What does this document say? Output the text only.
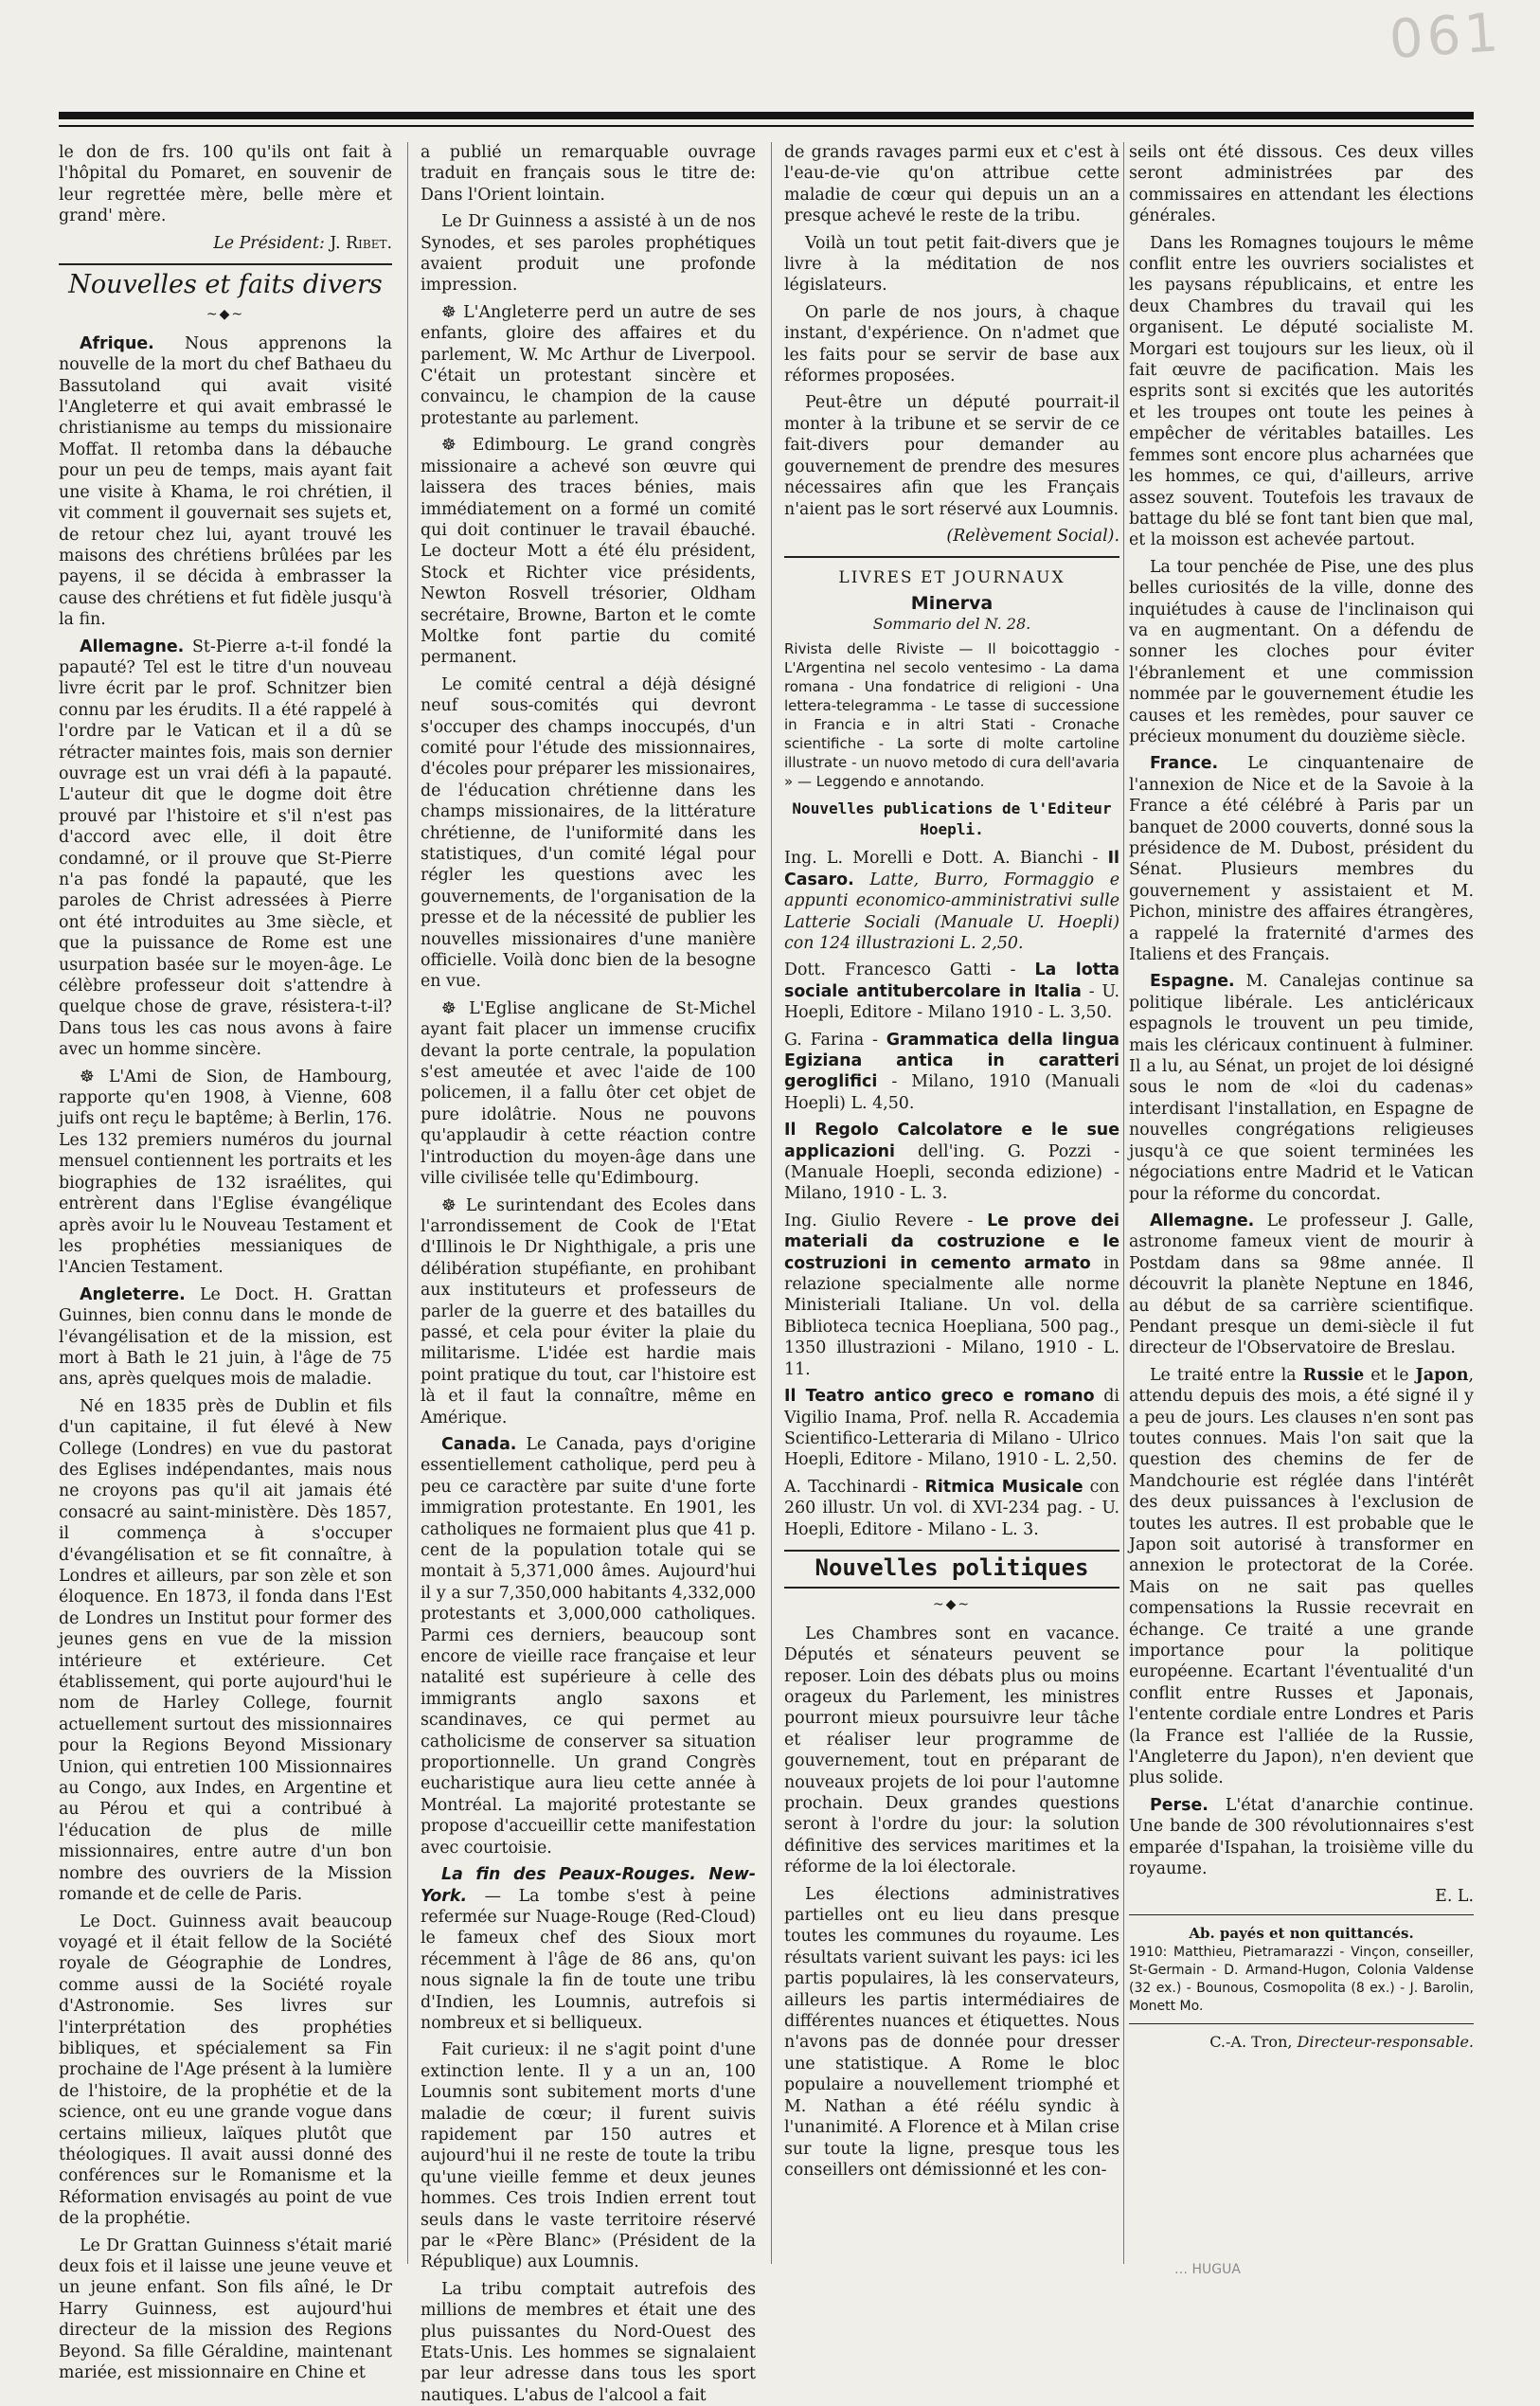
061

le don de frs. 100 qu'ils ont fait à l'hôpital du Pomaret, en souvenir de leur regrettée mère, belle mère et grand' mère.

Le Président: J. Ribet.

Nouvelles et faits divers
~◆~

Afrique. Nous apprenons la nouvelle de la mort du chef Bathaeu du Bassutoland qui avait visité l'Angleterre et qui avait embrassé le christianisme au temps du missionaire Moffat. Il retomba dans la débauche pour un peu de temps, mais ayant fait une visite à Khama, le roi chrétien, il vit comment il gouvernait ses sujets et, de retour chez lui, ayant trouvé les maisons des chrétiens brûlées par les payens, il se décida à embrasser la cause des chrétiens et fut fidèle jusqu'à la fin.

Allemagne. St-Pierre a-t-il fondé la papauté? Tel est le titre d'un nouveau livre écrit par le prof. Schnitzer bien connu par les érudits. Il a été rappelé à l'ordre par le Vatican et il a dû se rétracter maintes fois, mais son dernier ouvrage est un vrai défi à la papauté. L'auteur dit que le dogme doit être prouvé par l'histoire et s'il n'est pas d'accord avec elle, il doit être condamné, or il prouve que St-Pierre n'a pas fondé la papauté, que les paroles de Christ adressées à Pierre ont été introduites au 3me siècle, et que la puissance de Rome est une usurpation basée sur le moyen-âge. Le célèbre professeur doit s'attendre à quelque chose de grave, résistera-t-il? Dans tous les cas nous avons à faire avec un homme sincère.

☸ L'Ami de Sion, de Hambourg, rapporte qu'en 1908, à Vienne, 608 juifs ont reçu le baptême; à Berlin, 176. Les 132 premiers numéros du journal mensuel contiennent les portraits et les biographies de 132 israélites, qui entrèrent dans l'Eglise évangélique après avoir lu le Nouveau Testament et les prophéties messianiques de l'Ancien Testament.

Angleterre. Le Doct. H. Grattan Guinnes, bien connu dans le monde de l'évangélisation et de la mission, est mort à Bath le 21 juin, à l'âge de 75 ans, après quelques mois de maladie.

Né en 1835 près de Dublin et fils d'un capitaine, il fut élevé à New College (Londres) en vue du pastorat des Eglises indépendantes, mais nous ne croyons pas qu'il ait jamais été consacré au saint-ministère. Dès 1857, il commença à s'occuper d'évangélisation et se fit connaître, à Londres et ailleurs, par son zèle et son éloquence. En 1873, il fonda dans l'Est de Londres un Institut pour former des jeunes gens en vue de la mission intérieure et extérieure. Cet établissement, qui porte aujourd'hui le nom de Harley College, fournit actuellement surtout des missionnaires pour la Regions Beyond Missionary Union, qui entretien 100 Missionnaires au Congo, aux Indes, en Argentine et au Pérou et qui a contribué à l'éducation de plus de mille missionnaires, entre autre d'un bon nombre des ouvriers de la Mission romande et de celle de Paris.

Le Doct. Guinness avait beaucoup voyagé et il était fellow de la Société royale de Géographie de Londres, comme aussi de la Société royale d'Astronomie. Ses livres sur l'interprétation des prophéties bibliques, et spécialement sa Fin prochaine de l'Age présent à la lumière de l'histoire, de la prophétie et de la science, ont eu une grande vogue dans certains milieux, laïques plutôt que théologiques. Il avait aussi donné des conférences sur le Romanisme et la Réformation envisagés au point de vue de la prophétie.

Le Dr Grattan Guinness s'était marié deux fois et il laisse une jeune veuve et un jeune enfant. Son fils aîné, le Dr Harry Guinness, est aujourd'hui directeur de la mission des Regions Beyond. Sa fille Géraldine, maintenant mariée, est missionnaire en Chine et

a publié un remarquable ouvrage traduit en français sous le titre de: Dans l'Orient lointain.

Le Dr Guinness a assisté à un de nos Synodes, et ses paroles prophétiques avaient produit une profonde impression.

☸ L'Angleterre perd un autre de ses enfants, gloire des affaires et du parlement, W. Mc Arthur de Liverpool. C'était un protestant sincère et convaincu, le champion de la cause protestante au parlement.

☸ Edimbourg. Le grand congrès missionaire a achevé son œuvre qui laissera des traces bénies, mais immédiatement on a formé un comité qui doit continuer le travail ébauché. Le docteur Mott a été élu président, Stock et Richter vice présidents, Newton Rosvell trésorier, Oldham secrétaire, Browne, Barton et le comte Moltke font partie du comité permanent.

Le comité central a déjà désigné neuf sous-comités qui devront s'occuper des champs inoccupés, d'un comité pour l'étude des missionnaires, d'écoles pour préparer les missionaires, de l'éducation chrétienne dans les champs missionaires, de la littérature chrétienne, de l'uniformité dans les statistiques, d'un comité légal pour régler les questions avec les gouvernements, de l'organisation de la presse et de la nécessité de publier les nouvelles missionaires d'une manière officielle. Voilà donc bien de la besogne en vue.

☸ L'Eglise anglicane de St-Michel ayant fait placer un immense crucifix devant la porte centrale, la population s'est ameutée et avec l'aide de 100 policemen, il a fallu ôter cet objet de pure idolâtrie. Nous ne pouvons qu'applaudir à cette réaction contre l'introduction du moyen-âge dans une ville civilisée telle qu'Edimbourg.

☸ Le surintendant des Ecoles dans l'arrondissement de Cook de l'Etat d'Illinois le Dr Nighthigale, a pris une délibération stupéfiante, en prohibant aux instituteurs et professeurs de parler de la guerre et des batailles du passé, et cela pour éviter la plaie du militarisme. L'idée est hardie mais point pratique du tout, car l'histoire est là et il faut la connaître, même en Amérique.

Canada. Le Canada, pays d'origine essentiellement catholique, perd peu à peu ce caractère par suite d'une forte immigration protestante. En 1901, les catholiques ne formaient plus que 41 p. cent de la population totale qui se montait à 5,371,000 âmes. Aujourd'hui il y a sur 7,350,000 habitants 4,332,000 protestants et 3,000,000 catholiques. Parmi ces derniers, beaucoup sont encore de vieille race française et leur natalité est supérieure à celle des immigrants anglo saxons et scandinaves, ce qui permet au catholicisme de conserver sa situation proportionnelle. Un grand Congrès eucharistique aura lieu cette année à Montréal. La majorité protestante se propose d'accueillir cette manifestation avec courtoisie.

La fin des Peaux-Rouges. New-York. — La tombe s'est à peine refermée sur Nuage-Rouge (Red-Cloud) le fameux chef des Sioux mort récemment à l'âge de 86 ans, qu'on nous signale la fin de toute une tribu d'Indien, les Loumnis, autrefois si nombreux et si belliqueux.

Fait curieux: il ne s'agit point d'une extinction lente. Il y a un an, 100 Loumnis sont subitement morts d'une maladie de cœur; il furent suivis rapidement par 150 autres et aujourd'hui il ne reste de toute la tribu qu'une vieille femme et deux jeunes hommes. Ces trois Indien errent tout seuls dans le vaste territoire réservé par le «Père Blanc» (Président de la République) aux Loumnis.

La tribu comptait autrefois des millions de membres et était une des plus puissantes du Nord-Ouest des Etats-Unis. Les hommes se signalaient par leur adresse dans tous les sport nautiques. L'abus de l'alcool a fait

de grands ravages parmi eux et c'est à l'eau-de-vie qu'on attribue cette maladie de cœur qui depuis un an a presque achevé le reste de la tribu.

Voilà un tout petit fait-divers que je livre à la méditation de nos législateurs.

On parle de nos jours, à chaque instant, d'expérience. On n'admet que les faits pour se servir de base aux réformes proposées.

Peut-être un député pourrait-il monter à la tribune et se servir de ce fait-divers pour demander au gouvernement de prendre des mesures nécessaires afin que les Français n'aient pas le sort réservé aux Loumnis.

(Relèvement Social).

LIVRES ET JOURNAUX
Minerva
Sommario del N. 28.

Rivista delle Riviste — Il boicottaggio - L'Argentina nel secolo ventesimo - La dama romana - Una fondatrice di religioni - Una lettera-telegramma - Le tasse di successione in Francia e in altri Stati - Cronache scientifiche - La sorte di molte cartoline illustrate - un nuovo metodo di cura dell'avaria » — Leggendo e annotando.

Nouvelles publications de l'Editeur Hoepli.

Ing. L. Morelli e Dott. A. Bianchi - Il Casaro. Latte, Burro, Formaggio e appunti economico-amministrativi sulle Latterie Sociali (Manuale U. Hoepli) con 124 illustrazioni L. 2,50.

Dott. Francesco Gatti - La lotta sociale antitubercolare in Italia - U. Hoepli, Editore - Milano 1910 - L. 3,50.

G. Farina - Grammatica della lingua Egiziana antica in caratteri geroglifici - Milano, 1910 (Manuali Hoepli) L. 4,50.

Il Regolo Calcolatore e le sue applicazioni dell'ing. G. Pozzi - (Manuale Hoepli, seconda edizione) - Milano, 1910 - L. 3.

Ing. Giulio Revere - Le prove dei materiali da costruzione e le costruzioni in cemento armato in relazione specialmente alle norme Ministeriali Italiane. Un vol. della Biblioteca tecnica Hoepliana, 500 pag., 1350 illustrazioni - Milano, 1910 - L. 11.

Il Teatro antico greco e romano di Vigilio Inama, Prof. nella R. Accademia Scientifico-Letteraria di Milano - Ulrico Hoepli, Editore - Milano, 1910 - L. 2,50.

A. Tacchinardi - Ritmica Musicale con 260 illustr. Un vol. di XVI-234 pag. - U. Hoepli, Editore - Milano - L. 3.

Nouvelles politiques
~◆~

Les Chambres sont en vacance. Députés et sénateurs peuvent se reposer. Loin des débats plus ou moins orageux du Parlement, les ministres pourront mieux poursuivre leur tâche et réaliser leur programme de gouvernement, tout en préparant de nouveaux projets de loi pour l'automne prochain. Deux grandes questions seront à l'ordre du jour: la solution définitive des services maritimes et la réforme de la loi électorale.

Les élections administratives partielles ont eu lieu dans presque toutes les communes du royaume. Les résultats varient suivant les pays: ici les partis populaires, là les conservateurs, ailleurs les partis intermédiaires de différentes nuances et étiquettes. Nous n'avons pas de donnée pour dresser une statistique. A Rome le bloc populaire a nouvellement triomphé et M. Nathan a été réélu syndic à l'unanimité. A Florence et à Milan crise sur toute la ligne, presque tous les conseillers ont démissionné et les con-

seils ont été dissous. Ces deux villes seront administrées par des commissaires en attendant les élections générales.

Dans les Romagnes toujours le même conflit entre les ouvriers socialistes et les paysans républicains, et entre les deux Chambres du travail qui les organisent. Le député socialiste M. Morgari est toujours sur les lieux, où il fait œuvre de pacification. Mais les esprits sont si excités que les autorités et les troupes ont toute les peines à empêcher de véritables batailles. Les femmes sont encore plus acharnées que les hommes, ce qui, d'ailleurs, arrive assez souvent. Toutefois les travaux de battage du blé se font tant bien que mal, et la moisson est achevée partout.

La tour penchée de Pise, une des plus belles curiosités de la ville, donne des inquiétudes à cause de l'inclinaison qui va en augmentant. On a défendu de sonner les cloches pour éviter l'ébranlement et une commission nommée par le gouvernement étudie les causes et les remèdes, pour sauver ce précieux monument du douzième siècle.

France. Le cinquantenaire de l'annexion de Nice et de la Savoie à la France a été célébré à Paris par un banquet de 2000 couverts, donné sous la présidence de M. Dubost, président du Sénat. Plusieurs membres du gouvernement y assistaient et M. Pichon, ministre des affaires étrangères, a rappelé la fraternité d'armes des Italiens et des Français.

Espagne. M. Canalejas continue sa politique libérale. Les anticléricaux espagnols le trouvent un peu timide, mais les cléricaux continuent à fulminer. Il a lu, au Sénat, un projet de loi désigné sous le nom de «loi du cadenas» interdisant l'installation, en Espagne de nouvelles congrégations religieuses jusqu'à ce que soient terminées les négociations entre Madrid et le Vatican pour la réforme du concordat.

Allemagne. Le professeur J. Galle, astronome fameux vient de mourir à Postdam dans sa 98me année. Il découvrit la planète Neptune en 1846, au début de sa carrière scientifique. Pendant presque un demi-siècle il fut directeur de l'Observatoire de Breslau.

Le traité entre la Russie et le Japon, attendu depuis des mois, a été signé il y a peu de jours. Les clauses n'en sont pas toutes connues. Mais l'on sait que la question des chemins de fer de Mandchourie est réglée dans l'intérêt des deux puissances à l'exclusion de toutes les autres. Il est probable que le Japon soit autorisé à transformer en annexion le protectorat de la Corée. Mais on ne sait pas quelles compensations la Russie recevrait en échange. Ce traité a une grande importance pour la politique européenne. Ecartant l'éventualité d'un conflit entre Russes et Japonais, l'entente cordiale entre Londres et Paris (la France est l'alliée de la Russie, l'Angleterre du Japon), n'en devient que plus solide.

Perse. L'état d'anarchie continue. Une bande de 300 révolutionnaires s'est emparée d'Ispahan, la troisième ville du royaume.

E. L.

Ab. payés et non quittancés.

1910: Matthieu, Pietramarazzi - Vinçon, conseiller, St-Germain - D. Armand-Hugon, Colonia Valdense (32 ex.) - Bounous, Cosmopolita (8 ex.) - J. Barolin, Monett Mo.

C.-A. Tron, Directeur-responsable.
… HUGUA
